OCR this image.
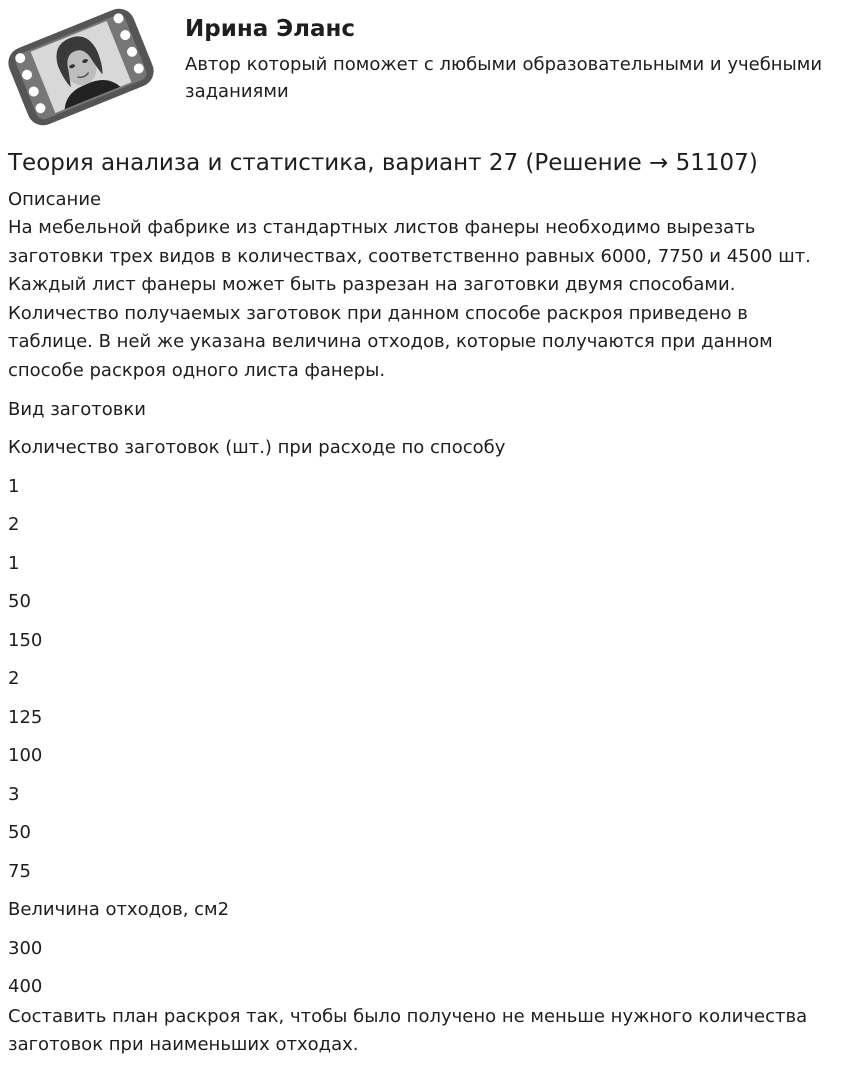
Ирина Эланс
Автор который поможет с любыми образовательными и учебными заданиями
Теория анализа и статистика, вариант 27 (Решение → 51107)
Описание

На мебельной фабрике из стандартных листов фанеры необходимо вырезать заготовки трех видов в количествах, соответственно равных 6000, 7750 и 4500 шт. Каждый лист фанеры может быть разрезан на заготовки двумя способами. Количество получаемых заготовок при данном способе раскроя приведено в таблице. В ней же указана величина отходов, которые получаются при данном способе раскроя одного листа фанеры.

Вид заготовки
Количество заготовок (шт.) при расходе по способу
1
2
1
50
150
2
125
100
3
50
75
Величина отходов, см2
300
400

Составить план раскроя так, чтобы было получено не меньше нужного количества заготовок при наименьших отходах.
